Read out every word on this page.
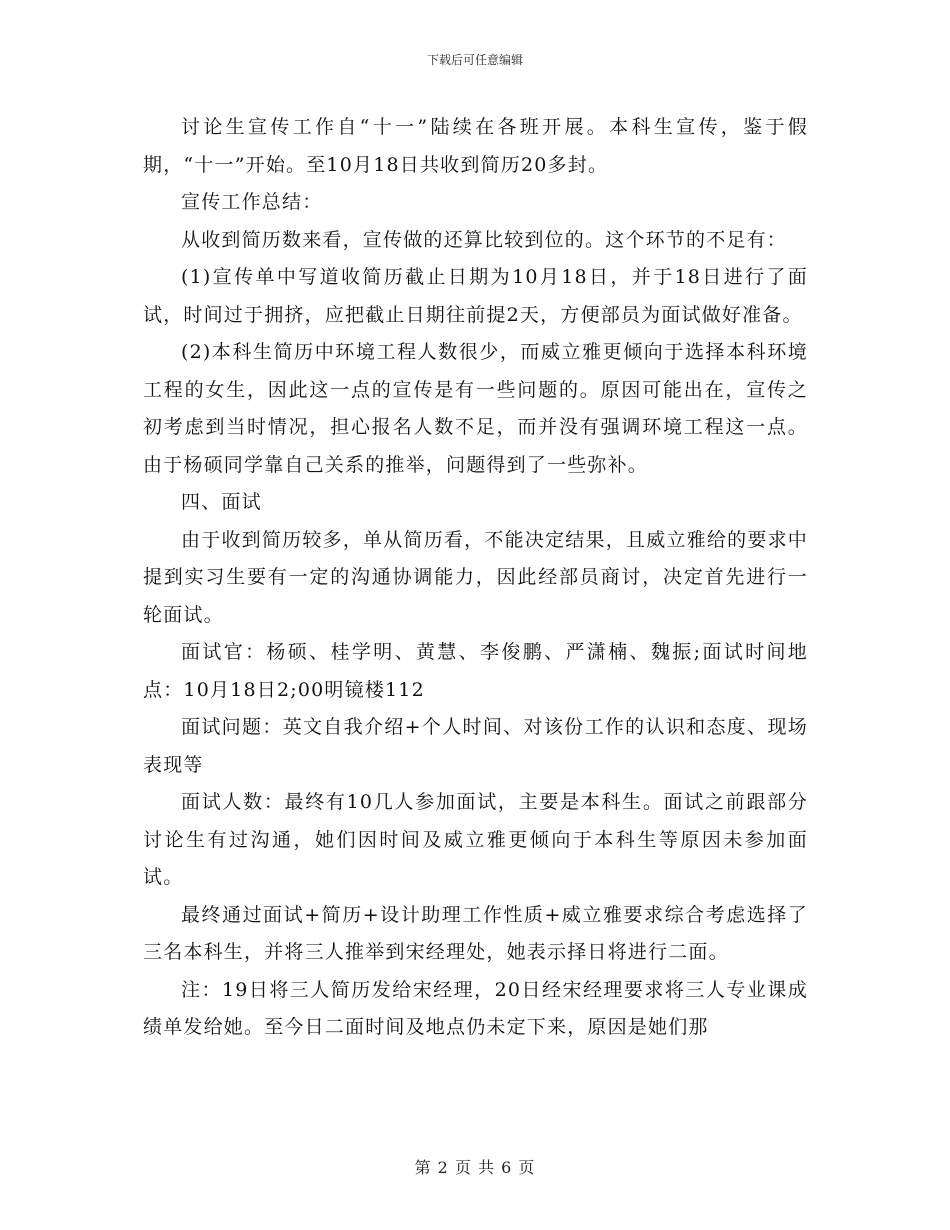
下载后可任意编辑

讨论生宣传工作自“十一”陆续在各班开展。本科生宣传，鉴于假期，“十一”开始。至10月18日共收到简历20多封。

宣传工作总结：

从收到简历数来看，宣传做的还算比较到位的。这个环节的不足有：

(1)宣传单中写道收简历截止日期为10月18日，并于18日进行了面试，时间过于拥挤，应把截止日期往前提2天，方便部员为面试做好准备。

(2)本科生简历中环境工程人数很少，而威立雅更倾向于选择本科环境工程的女生，因此这一点的宣传是有一些问题的。原因可能出在，宣传之初考虑到当时情况，担心报名人数不足，而并没有强调环境工程这一点。由于杨硕同学靠自己关系的推举，问题得到了一些弥补。

四、面试

由于收到简历较多，单从简历看，不能决定结果，且威立雅给的要求中提到实习生要有一定的沟通协调能力，因此经部员商讨，决定首先进行一轮面试。

面试官：杨硕、桂学明、黄慧、李俊鹏、严潇楠、魏振;面试时间地点：10月18日2;00明镜楼112

面试问题：英文自我介绍+个人时间、对该份工作的认识和态度、现场表现等

面试人数：最终有10几人参加面试，主要是本科生。面试之前跟部分讨论生有过沟通，她们因时间及威立雅更倾向于本科生等原因未参加面试。

最终通过面试+简历+设计助理工作性质+威立雅要求综合考虑选择了三名本科生，并将三人推举到宋经理处，她表示择日将进行二面。

注：19日将三人简历发给宋经理，20日经宋经理要求将三人专业课成绩单发给她。至今日二面时间及地点仍未定下来，原因是她们那

第 2 页 共 6 页
